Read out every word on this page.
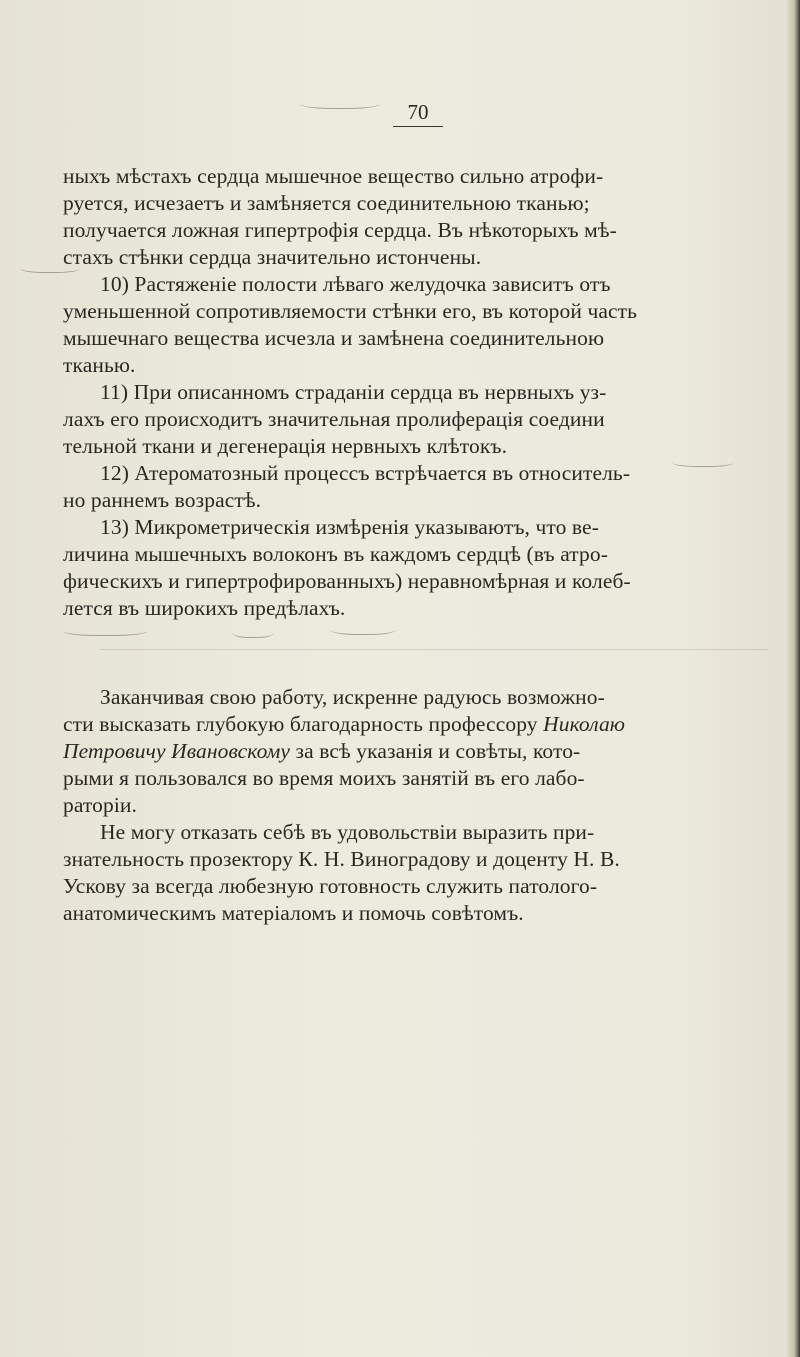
70
ныхъ мѣстахъ сердца мышечное вещество сильно атрофи-
руется, исчезаетъ и замѣняется соединительною тканью;
получается ложная гипертрофія сердца. Въ нѣкоторыхъ мѣ-
стахъ стѣнки сердца значительно истончены.
10) Растяженіе полости лѣваго желудочка зависитъ отъ
уменьшенной сопротивляемости стѣнки его, въ которой часть
мышечнаго вещества исчезла и замѣнена соединительною
тканью.
11) При описанномъ страданіи сердца въ нервныхъ уз-
лахъ его происходитъ значительная пролиферація соедини
тельной ткани и дегенерація нервныхъ клѣтокъ.
12) Атероматозный процессъ встрѣчается въ относитель-
но раннемъ возрастѣ.
13) Микрометрическія измѣренія указываютъ, что ве-
личина мышечныхъ волоконъ въ каждомъ сердцѣ (въ атро-
фическихъ и гипертрофированныхъ) неравномѣрная и колеб-
лется въ широкихъ предѣлахъ.
Заканчивая свою работу, искренне радуюсь возможно-
сти высказать глубокую благодарность профессору Николаю
Петровичу Ивановскому за всѣ указанія и совѣты, кото-
рыми я пользовался во время моихъ занятій въ его лабо-
раторіи.
Не могу отказать себѣ въ удовольствіи выразить при-
знательность прозектору К. Н. Виноградову и доценту Н. В.
Ускову за всегда любезную готовность служить патолого-
анатомическимъ матеріаломъ и помочь совѣтомъ.
